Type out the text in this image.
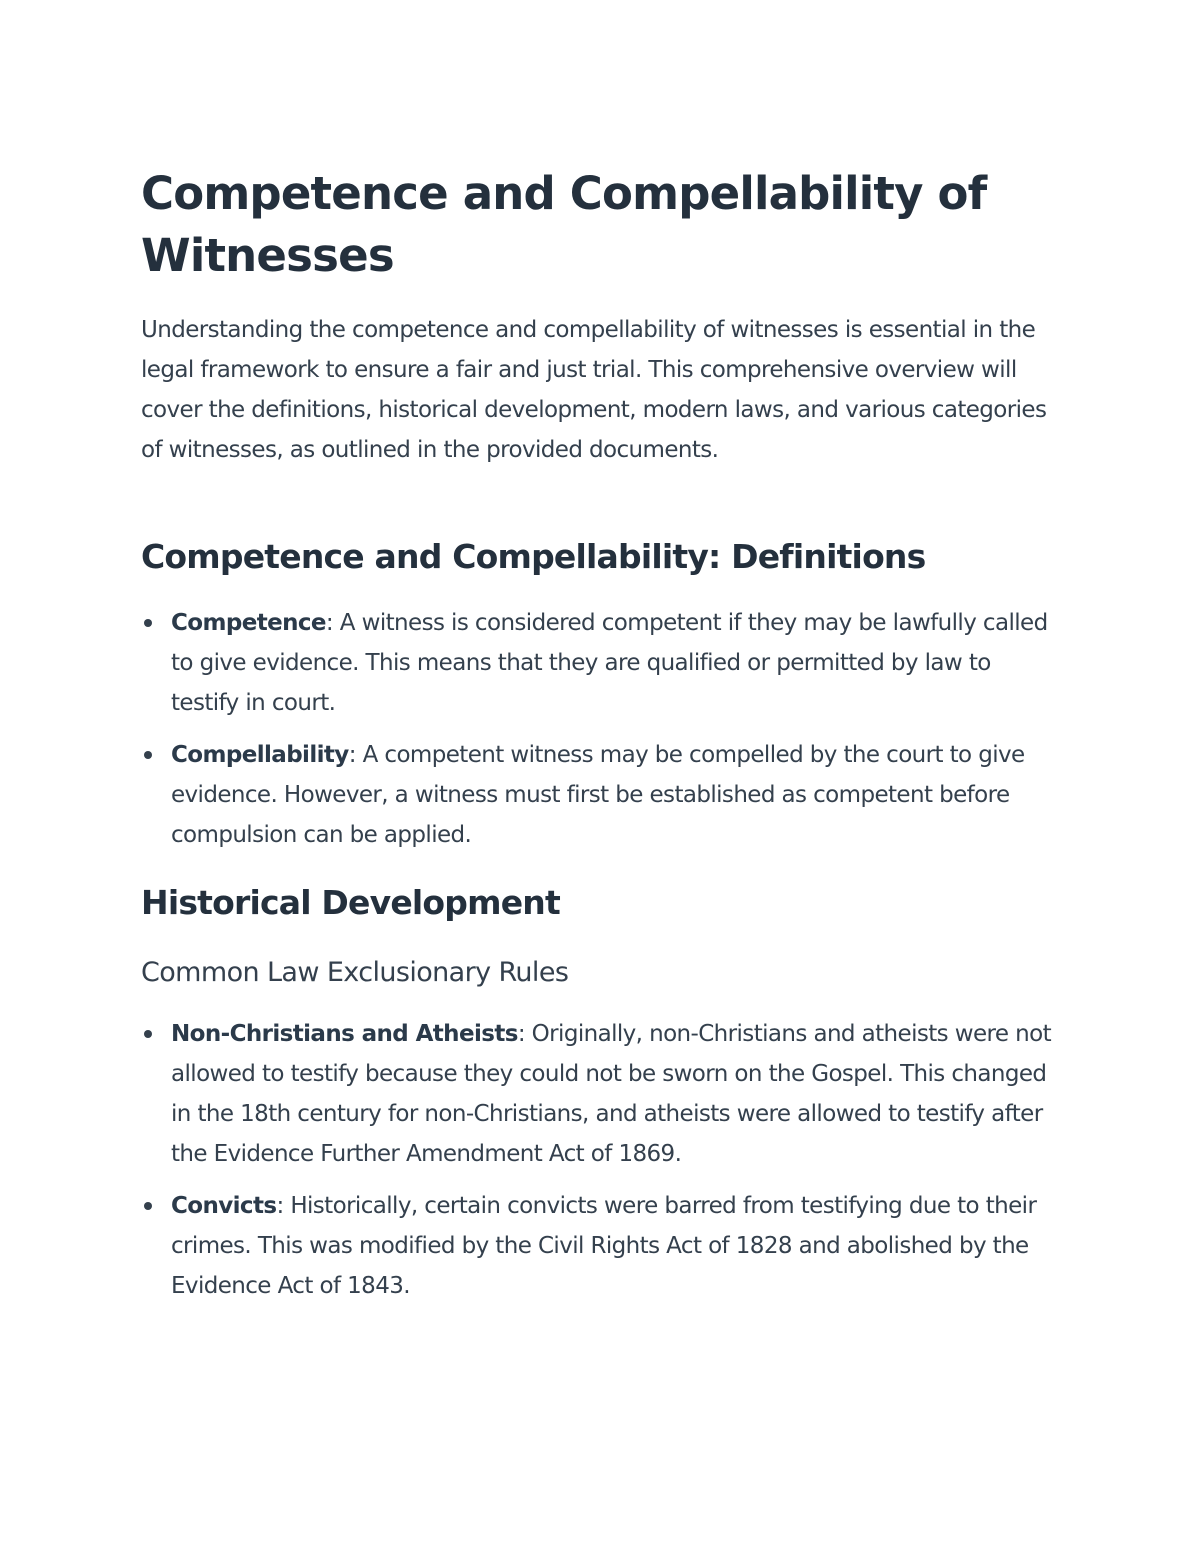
Competence and Compellability of Witnesses

Understanding the competence and compellability of witnesses is essential in the legal framework to ensure a fair and just trial. This comprehensive overview will cover the definitions, historical development, modern laws, and various categories of witnesses, as outlined in the provided documents.

Competence and Compellability: Definitions
Competence: A witness is considered competent if they may be lawfully called to give evidence. This means that they are qualified or permitted by law to testify in court.
Compellability: A competent witness may be compelled by the court to give evidence. However, a witness must first be established as competent before compulsion can be applied.
Historical Development
Common Law Exclusionary Rules
Non-Christians and Atheists: Originally, non-Christians and atheists were not allowed to testify because they could not be sworn on the Gospel. This changed in the 18th century for non-Christians, and atheists were allowed to testify after the Evidence Further Amendment Act of 1869.
Convicts: Historically, certain convicts were barred from testifying due to their crimes. This was modified by the Civil Rights Act of 1828 and abolished by the Evidence Act of 1843.
